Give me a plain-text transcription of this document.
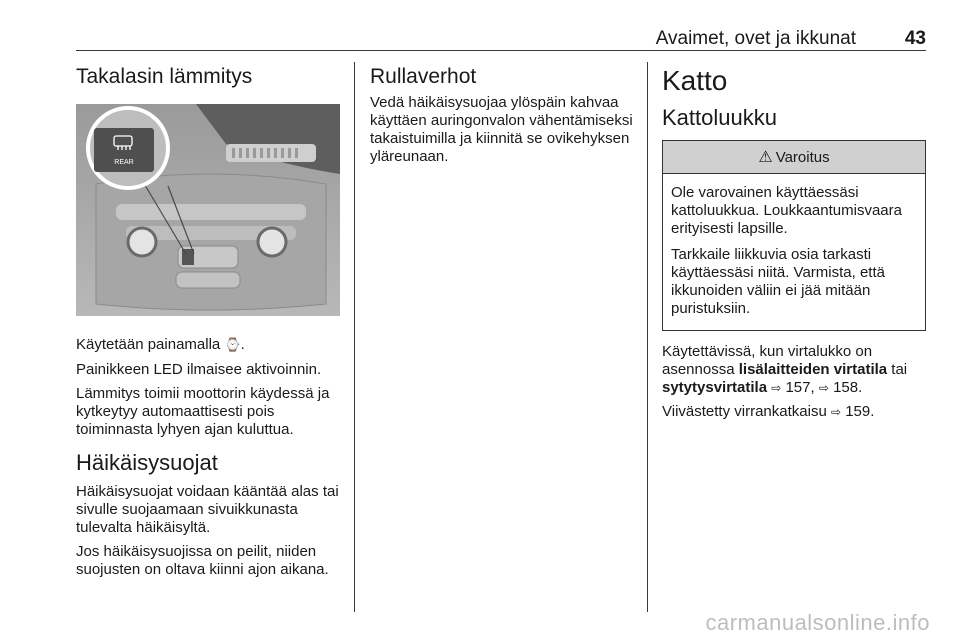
Avaimet, ovet ja ikkunat	43
Takalasin lämmitys
REAR

Käytetään painamalla ⌚.

Painikkeen LED ilmaisee aktivoinnin.

Lämmitys toimii moottorin käydessä ja kytkeytyy automaattisesti pois toiminnasta lyhyen ajan kuluttua.

Häikäisysuojat

Häikäisysuojat voidaan kääntää alas tai sivulle suojaamaan sivuikkunasta tulevalta häikäisyltä.

Jos häikäisysuojissa on peilit, niiden suojusten on oltava kiinni ajon aikana.

Rullaverhot

Vedä häikäisysuojaa ylöspäin kahvaa käyttäen auringonvalon vähentämiseksi takaistuimilla ja kiinnitä se ovikehyksen yläreunaan.

Katto
Kattoluukku
⚠ Varoitus

Ole varovainen käyttäessäsi kattoluukkua. Loukkaantumisvaara erityisesti lapsille.

Tarkkaile liikkuvia osia tarkasti käyttäessäsi niitä. Varmista, että ikkunoiden väliin ei jää mitään puristuksiin.

Käytettävissä, kun virtalukko on asennossa lisälaitteiden virtatila tai sytytysvirtatila ⇨ 157, ⇨ 158.

Viivästetty virrankatkaisu ⇨ 159.

carmanualsonline.info
